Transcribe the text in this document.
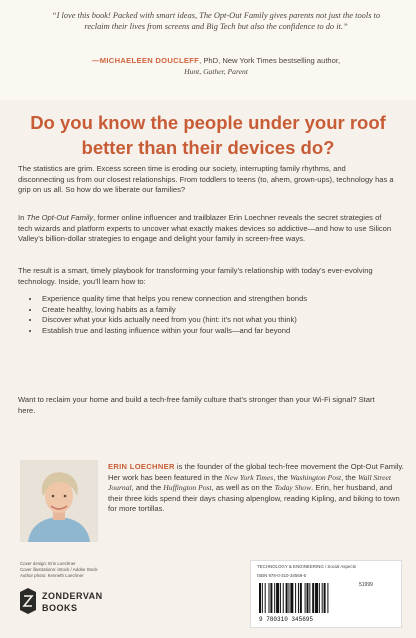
“I love this book! Packed with smart ideas, The Opt-Out Family gives parents not just the tools to reclaim their lives from screens and Big Tech but also the confidence to do it.”
—MICHAELEEN DOUCLEFF, PhD, New York Times bestselling author,
Hunt, Gather, Parent
Do you know the people under your roof better than their devices do?
The statistics are grim. Excess screen time is eroding our society, interrupting family rhythms, and disconnecting us from our closest relationships. From toddlers to teens (to, ahem, grown-ups), technology has a grip on us all. So how do we liberate our families?
In The Opt-Out Family, former online influencer and trailblazer Erin Loechner reveals the secret strategies of tech wizards and platform experts to uncover what exactly makes devices so addictive—and how to use Silicon Valley’s billion-dollar strategies to engage and delight your family in screen-free ways.
The result is a smart, timely playbook for transforming your family’s relationship with today’s ever-evolving technology. Inside, you’ll learn how to:
• Experience quality time that helps you renew connection and strengthen bonds
• Create healthy, loving habits as a family
• Discover what your kids actually need from you (hint: it’s not what you think)
• Establish true and lasting influence within your four walls—and far beyond
Want to reclaim your home and build a tech-free family culture that’s stronger than your Wi-Fi signal? Start here.
ERIN LOECHNER is the founder of the global tech-free movement the Opt-Out Family. Her work has been featured in the New York Times, the Washington Post, the Wall Street Journal, and the Huffington Post, as well as on the Today Show. Erin, her husband, and their three kids spend their days chasing alpenglow, reading Kipling, and biking to town for more tortillas.
Cover design: Erin Loechner
Cover illustrations: iStock / Adobe Stock
Author photo: Kenneth Loechner
ZONDERVAN
BOOKS
TECHNOLOGY & ENGINEERING / Social Aspects
ISBN 978-0-310-34569-5
51999
9 780310 345695
